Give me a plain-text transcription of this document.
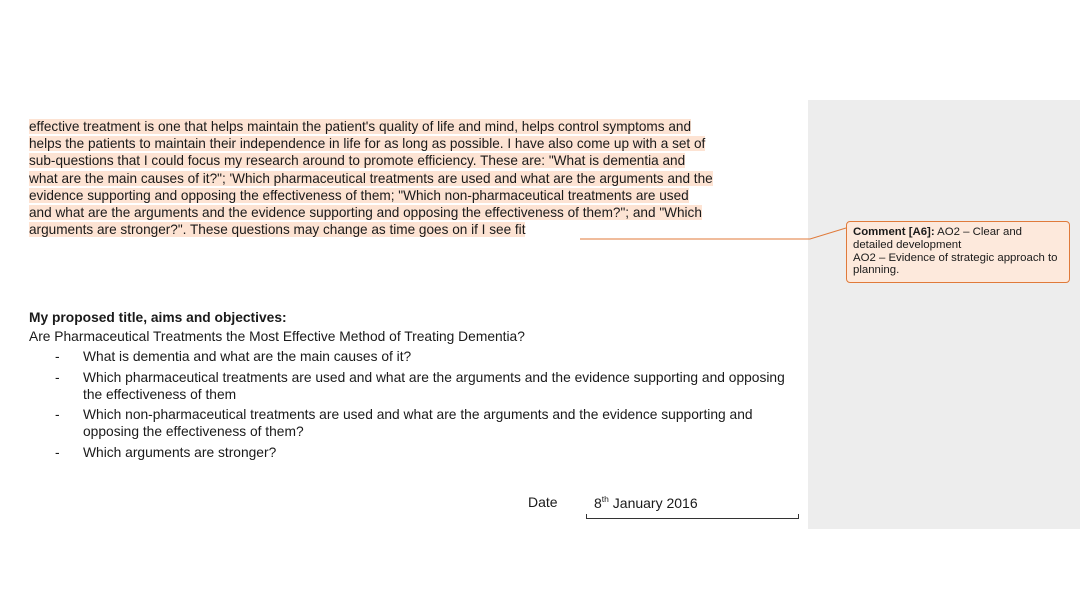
effective treatment is one that helps maintain the patient's quality of life and mind, helps control symptoms and
helps the patients to maintain their independence in life for as long as possible. I have also come up with a set of
sub-questions that I could focus my research around to promote efficiency. These are: "What is dementia and
what are the main causes of it?"; 'Which pharmaceutical treatments are used and what are the arguments and the
evidence supporting and opposing the effectiveness of them; "Which non-pharmaceutical treatments are used
and what are the arguments and the evidence supporting and opposing the effectiveness of them?"; and "Which
arguments are stronger?". These questions may change as time goes on if I see fit	Comment [A6]: AO2 – Clear and detailed development
AO2 – Evidence of strategic approach to planning.
My proposed title, aims and objectives:
Are Pharmaceutical Treatments the Most Effective Method of Treating Dementia?
- What is dementia and what are the main causes of it?
- Which pharmaceutical treatments are used and what are the arguments and the evidence supporting and opposing the effectiveness of them
- Which non-pharmaceutical treatments are used and what are the arguments and the evidence supporting and opposing the effectiveness of them?
- Which arguments are stronger?
Date	8th January 2016
